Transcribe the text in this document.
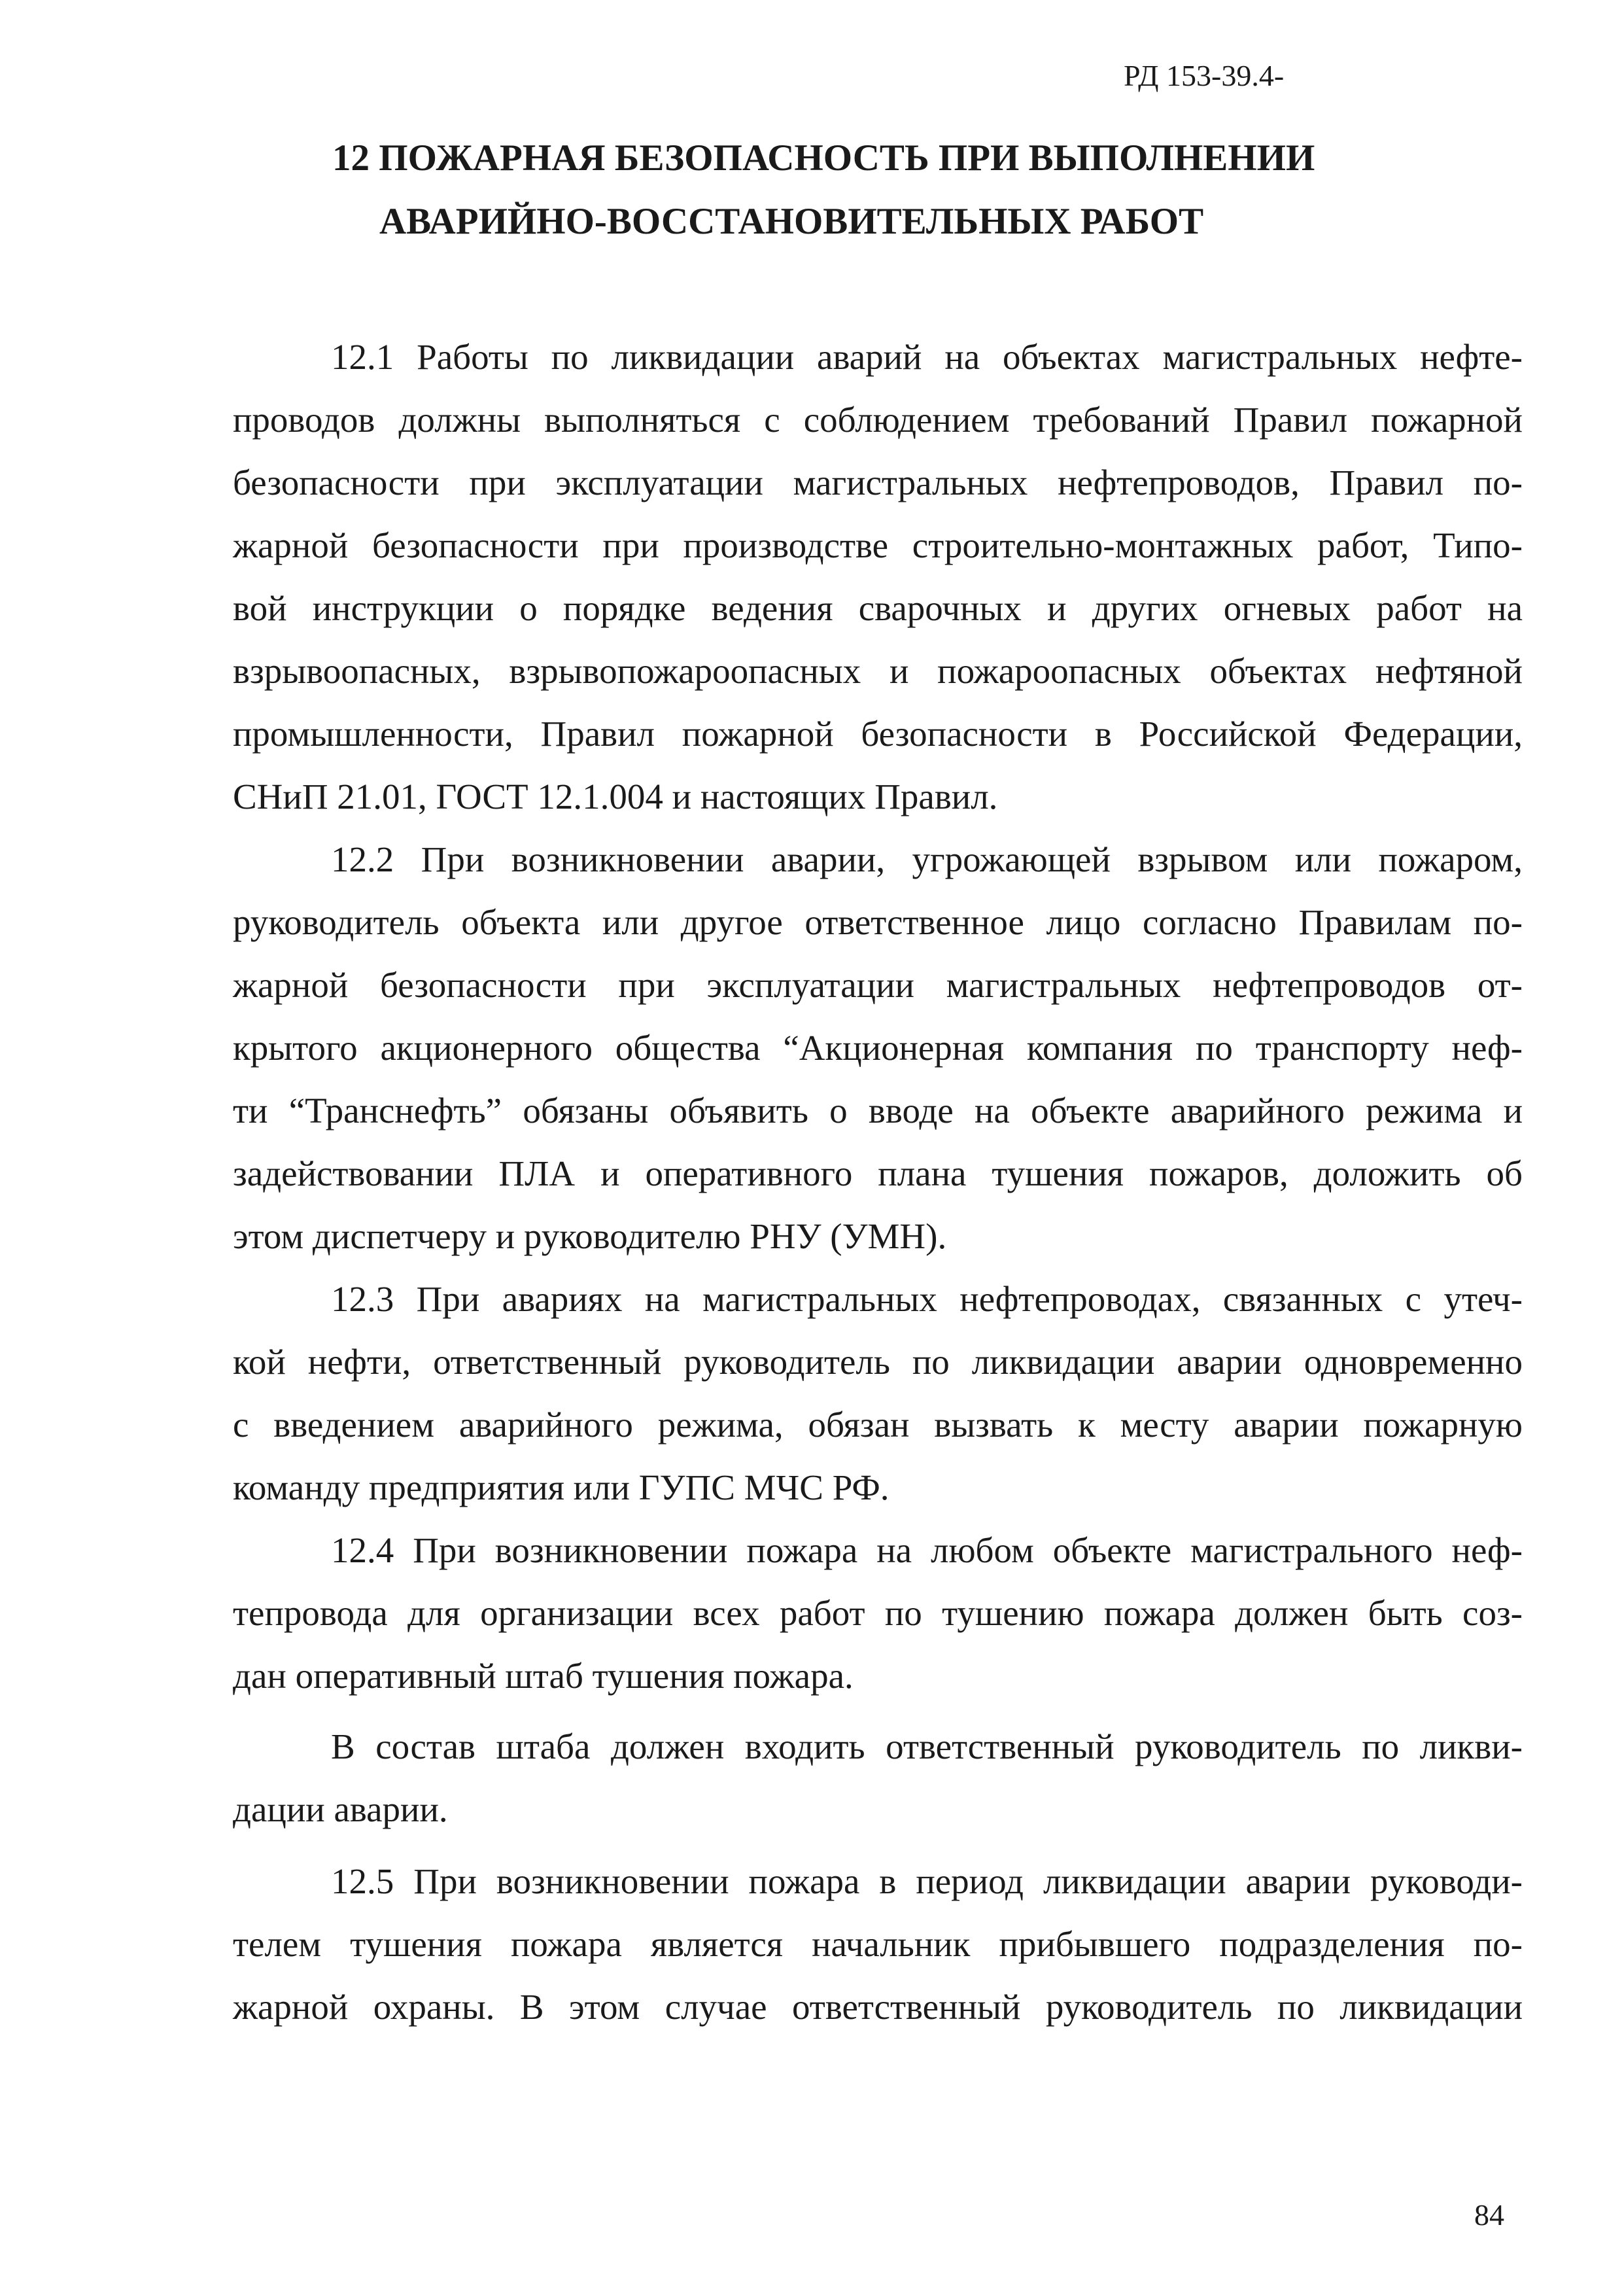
РД 153-39.4-
12 ПОЖАРНАЯ БЕЗОПАСНОСТЬ ПРИ ВЫПОЛНЕНИИ
АВАРИЙНО-ВОССТАНОВИТЕЛЬНЫХ РАБОТ
12.1 Работы по ликвидации аварий на объектах магистральных нефте-
проводов должны выполняться с соблюдением требований Правил пожарной
безопасности при эксплуатации магистральных нефтепроводов, Правил по-
жарной безопасности при производстве строительно-монтажных работ, Типо-
вой инструкции о порядке ведения сварочных и других огневых работ на
взрывоопасных, взрывопожароопасных и пожароопасных объектах нефтяной
промышленности, Правил пожарной безопасности в Российской Федерации,
СНиП 21.01, ГОСТ 12.1.004 и настоящих Правил.
12.2 При возникновении аварии, угрожающей взрывом или пожаром,
руководитель объекта или другое ответственное лицо согласно Правилам по-
жарной безопасности при эксплуатации магистральных нефтепроводов от-
крытого акционерного общества “Акционерная компания по транспорту неф-
ти “Транснефть” обязаны объявить о вводе на объекте аварийного режима и
задействовании ПЛА и оперативного плана тушения пожаров, доложить об
этом диспетчеру и руководителю РНУ (УМН).
12.3 При авариях на магистральных нефтепроводах, связанных с утеч-
кой нефти, ответственный руководитель по ликвидации аварии одновременно
с введением аварийного режима, обязан вызвать к месту аварии пожарную
команду предприятия или ГУПС МЧС РФ.
12.4 При возникновении пожара на любом объекте магистрального неф-
тепровода для организации всех работ по тушению пожара должен быть соз-
дан оперативный штаб тушения пожара.
В состав штаба должен входить ответственный руководитель по ликви-
дации аварии.
12.5 При возникновении пожара в период ликвидации аварии руководи-
телем тушения пожара является начальник прибывшего подразделения по-
жарной охраны. В этом случае ответственный руководитель по ликвидации
84
